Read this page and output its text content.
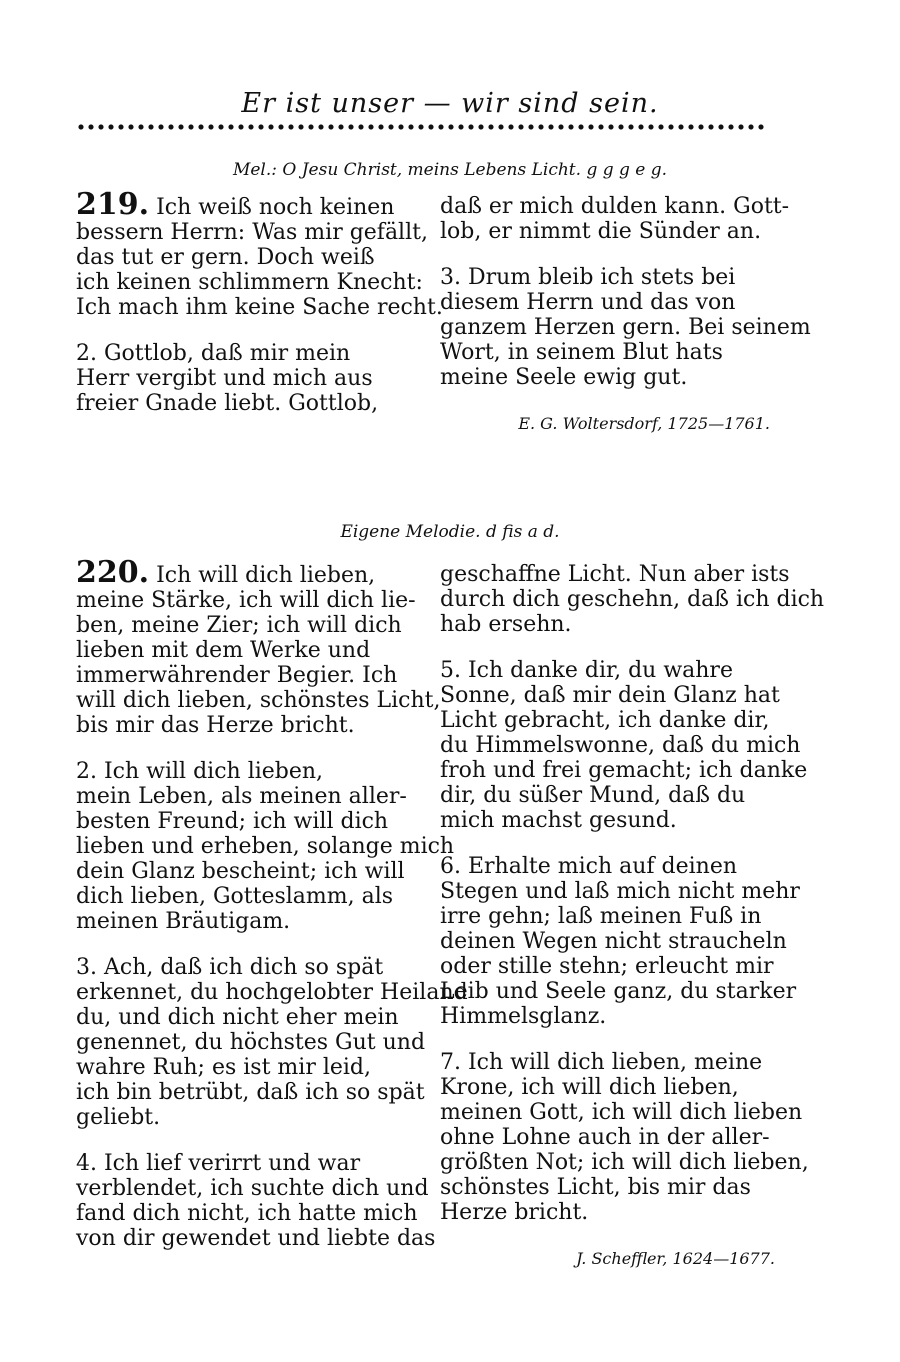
Er ist unser — wir sind sein.
Mel.: O Jesu Christ, meins Lebens Licht. g g g e g.

219. Ich weiß noch keinen
bessern Herrn: Was mir gefällt,
das tut er gern. Doch weiß
ich keinen schlimmern Knecht:
Ich mach ihm keine Sache recht.

2. Gottlob, daß mir mein
Herr vergibt und mich aus
freier Gnade liebt. Gottlob,

daß er mich dulden kann. Gott-
lob, er nimmt die Sünder an.

3. Drum bleib ich stets bei
diesem Herrn und das von
ganzem Herzen gern. Bei seinem
Wort, in seinem Blut hats
meine Seele ewig gut.

E. G. Woltersdorf, 1725—1761.
Eigene Melodie. d fis a d.

220. Ich will dich lieben,
meine Stärke, ich will dich lie-
ben, meine Zier; ich will dich
lieben mit dem Werke und
immerwährender Begier. Ich
will dich lieben, schönstes Licht,
bis mir das Herze bricht.

2. Ich will dich lieben,
mein Leben, als meinen aller-
besten Freund; ich will dich
lieben und erheben, solange mich
dein Glanz bescheint; ich will
dich lieben, Gotteslamm, als
meinen Bräutigam.

3. Ach, daß ich dich so spät
erkennet, du hochgelobter Heiland
du, und dich nicht eher mein
genennet, du höchstes Gut und
wahre Ruh; es ist mir leid,
ich bin betrübt, daß ich so spät
geliebt.

4. Ich lief verirrt und war
verblendet, ich suchte dich und
fand dich nicht, ich hatte mich
von dir gewendet und liebte das

geschaffne Licht. Nun aber ists
durch dich geschehn, daß ich dich
hab ersehn.

5. Ich danke dir, du wahre
Sonne, daß mir dein Glanz hat
Licht gebracht, ich danke dir,
du Himmelswonne, daß du mich
froh und frei gemacht; ich danke
dir, du süßer Mund, daß du
mich machst gesund.

6. Erhalte mich auf deinen
Stegen und laß mich nicht mehr
irre gehn; laß meinen Fuß in
deinen Wegen nicht straucheln
oder stille stehn; erleucht mir
Leib und Seele ganz, du starker
Himmelsglanz.

7. Ich will dich lieben, meine
Krone, ich will dich lieben,
meinen Gott, ich will dich lieben
ohne Lohne auch in der aller-
größten Not; ich will dich lieben,
schönstes Licht, bis mir das
Herze bricht.

J. Scheffler, 1624—1677.
